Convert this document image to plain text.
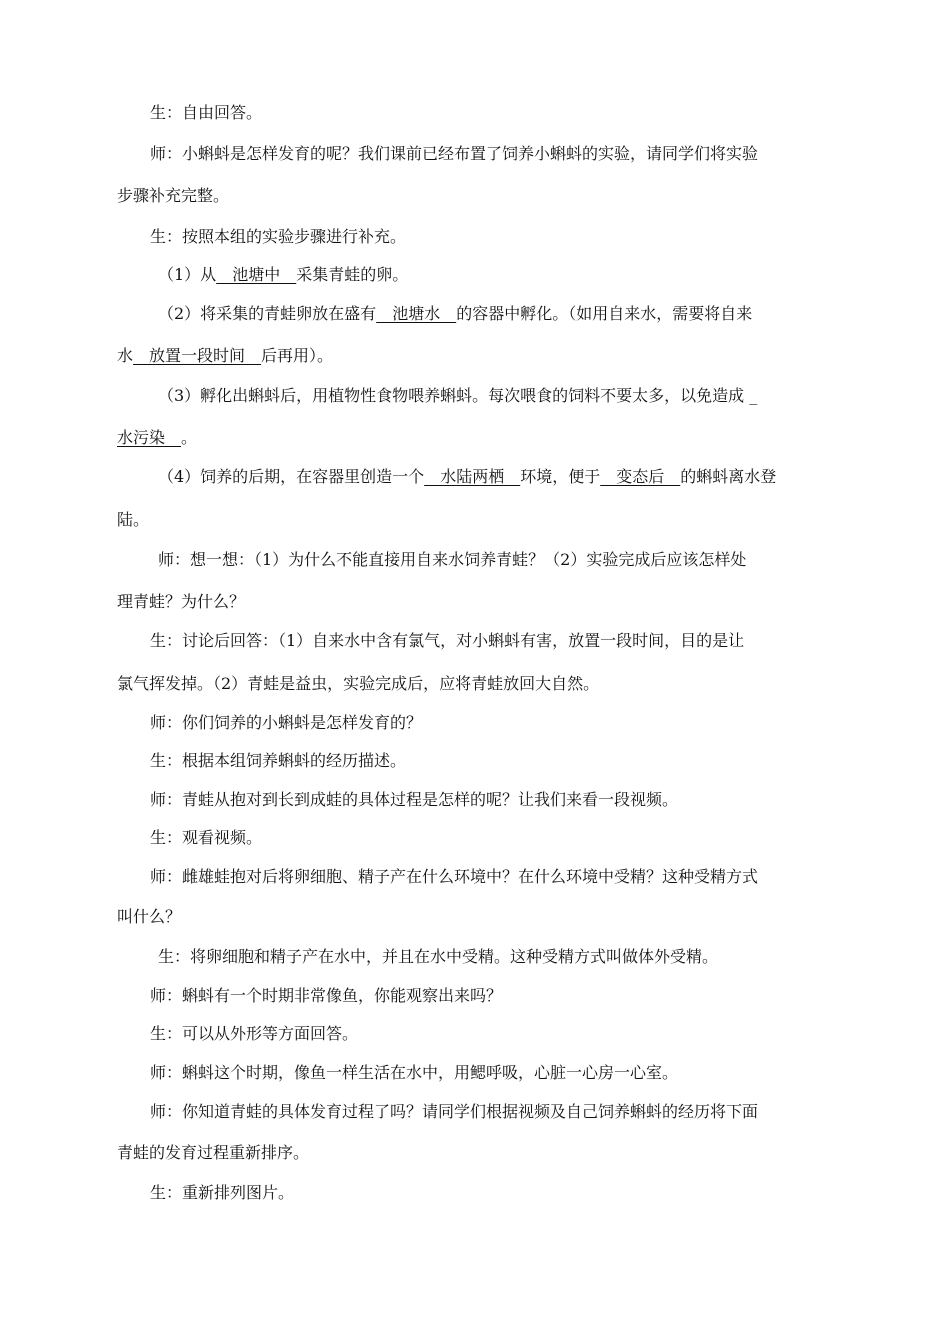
生：自由回答。
师：小蝌蚪是怎样发育的呢？我们课前已经布置了饲养小蝌蚪的实验，请同学们将实验
步骤补充完整。
生：按照本组的实验步骤进行补充。
（1）从　池塘中　采集青蛙的卵。
（2）将采集的青蛙卵放在盛有　池塘水　的容器中孵化。（如用自来水，需要将自来
水　放置一段时间　后再用）。
（3）孵化出蝌蚪后，用植物性食物喂养蝌蚪。每次喂食的饲料不要太多，以免造成 _
水污染　。
（4）饲养的后期，在容器里创造一个　水陆两栖　环境，便于　变态后　的蝌蚪离水登
陆。
师：想一想：（1）为什么不能直接用自来水饲养青蛙？（2）实验完成后应该怎样处
理青蛙？为什么？
生：讨论后回答：（1）自来水中含有氯气，对小蝌蚪有害，放置一段时间，目的是让
氯气挥发掉。（2）青蛙是益虫，实验完成后，应将青蛙放回大自然。
师：你们饲养的小蝌蚪是怎样发育的？
生：根据本组饲养蝌蚪的经历描述。
师：青蛙从抱对到长到成蛙的具体过程是怎样的呢？让我们来看一段视频。
生：观看视频。
师：雌雄蛙抱对后将卵细胞、精子产在什么环境中？在什么环境中受精？这种受精方式
叫什么？
生：将卵细胞和精子产在水中，并且在水中受精。这种受精方式叫做体外受精。
师：蝌蚪有一个时期非常像鱼，你能观察出来吗？
生：可以从外形等方面回答。
师：蝌蚪这个时期，像鱼一样生活在水中，用鳃呼吸，心脏一心房一心室。
师：你知道青蛙的具体发育过程了吗？请同学们根据视频及自己饲养蝌蚪的经历将下面
青蛙的发育过程重新排序。
生：重新排列图片。
